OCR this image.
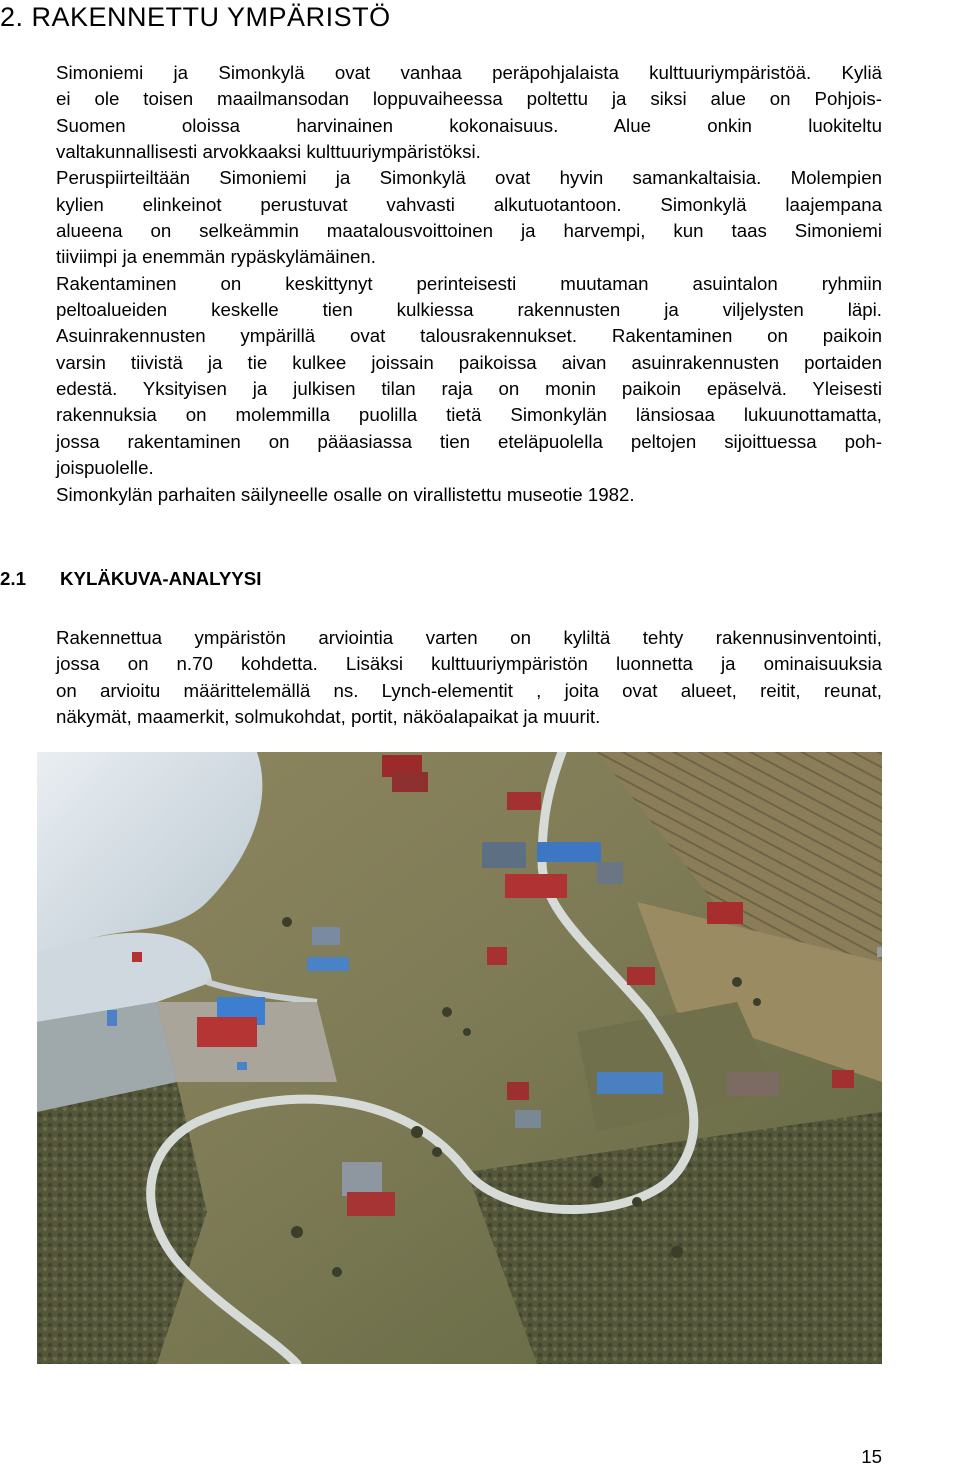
2. RAKENNETTU YMPÄRISTÖ
Simoniemi ja Simonkylä ovat vanhaa peräpohjalaista kulttuuriympäristöä. Kyliä
ei ole toisen maailmansodan loppuvaiheessa poltettu ja siksi alue on Pohjois-
Suomen oloissa harvinainen kokonaisuus. Alue onkin luokiteltu
valtakunnallisesti arvokkaaksi kulttuuriympäristöksi.
Peruspiirteiltään Simoniemi ja Simonkylä ovat hyvin samankaltaisia. Molempien
kylien elinkeinot perustuvat vahvasti alkutuotantoon. Simonkylä laajempana
alueena on selkeämmin maatalousvoittoinen ja harvempi, kun taas Simoniemi
tiiviimpi ja enemmän rypäskylämäinen.
Rakentaminen on keskittynyt perinteisesti muutaman asuintalon ryhmiin
peltoalueiden keskelle tien kulkiessa rakennusten ja viljelysten läpi.
Asuinrakennusten ympärillä ovat talousrakennukset. Rakentaminen on paikoin
varsin tiivistä ja tie kulkee joissain paikoissa aivan asuinrakennusten portaiden
edestä. Yksityisen ja julkisen tilan raja on monin paikoin epäselvä. Yleisesti
rakennuksia on molemmilla puolilla tietä Simonkylän länsiosaa lukuunottamatta,
jossa rakentaminen on pääasiassa tien eteläpuolella peltojen sijoittuessa poh-
joispuolelle.
Simonkylän parhaiten säilyneelle osalle on virallistettu museotie 1982.
2.1 KYLÄKUVA-ANALYYSI
Rakennettua ympäristön arviointia varten on kyliltä tehty rakennusinventointi,
jossa on n.70 kohdetta. Lisäksi kulttuuriympäristön luonnetta ja ominaisuuksia
on arvioitu määrittelemällä ns. Lynch-elementit , joita ovat alueet, reitit, reunat,
näkymät, maamerkit, solmukohdat, portit, näköalapaikat ja muurit.
15
